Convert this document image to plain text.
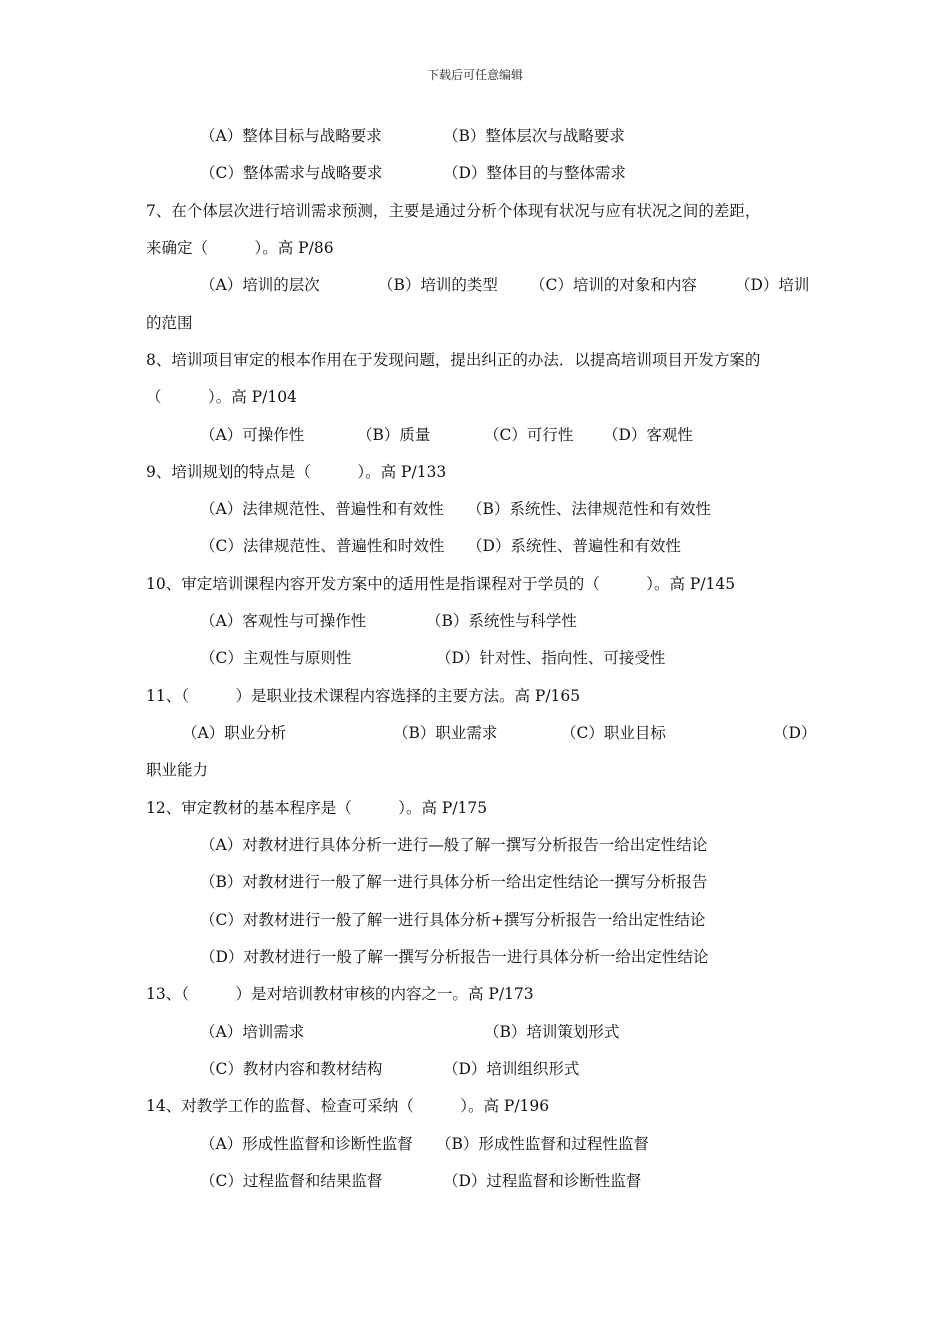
下载后可任意编辑
（A）整体目标与战略要求	（B）整体层次与战略要求
（C）整体需求与战略要求	（D）整体目的与整体需求
7、在个体层次进行培训需求预测，主要是通过分析个体现有状况与应有状况之间的差距，
来确定（　　　）。高 P/86
（A）培训的层次	（B）培训的类型 （C）培训的对象和内容 （D）培训
的范围
8、培训项目审定的根本作用在于发现问题，提出纠正的办法．以提高培训项目开发方案的
（　　　）。高 P/104
（A）可操作性	（B）质量	（C）可行性 （D）客观性
9、培训规划的特点是（　　　）。高 P/133
（A）法律规范性、普遍性和有效性 （B）系统性、法律规范性和有效性
（C）法律规范性、普遍性和时效性 （D）系统性、普遍性和有效性
10、审定培训课程内容开发方案中的适用性是指课程对于学员的（　　　）。高 P/145
（A）客观性与可操作性	（B）系统性与科学性
（C）主观性与原则性	（D）针对性、指向性、可接受性
11、（　　　）是职业技术课程内容选择的主要方法。高 P/165
（A）职业分析	（B）职业需求	（C）职业目标	（D）
职业能力
12、审定教材的基本程序是（　　　）。高 P/175
（A）对教材进行具体分析一进行—般了解一撰写分析报告一给出定性结论
（B）对教材进行一般了解一进行具体分析一给出定性结论一撰写分析报告
（C）对教材进行一般了解一进行具体分析+撰写分析报告一给出定性结论
（D）对教材进行一般了解一撰写分析报告一进行具体分析一给出定性结论
13、（　　　）是对培训教材审核的内容之一。高 P/173
（A）培训需求	（B）培训策划形式
（C）教材内容和教材结构	（D）培训组织形式
14、对教学工作的监督、检查可采纳（　　　）。高 P/196
（A）形成性监督和诊断性监督 （B）形成性监督和过程性监督
（C）过程监督和结果监督	（D）过程监督和诊断性监督
